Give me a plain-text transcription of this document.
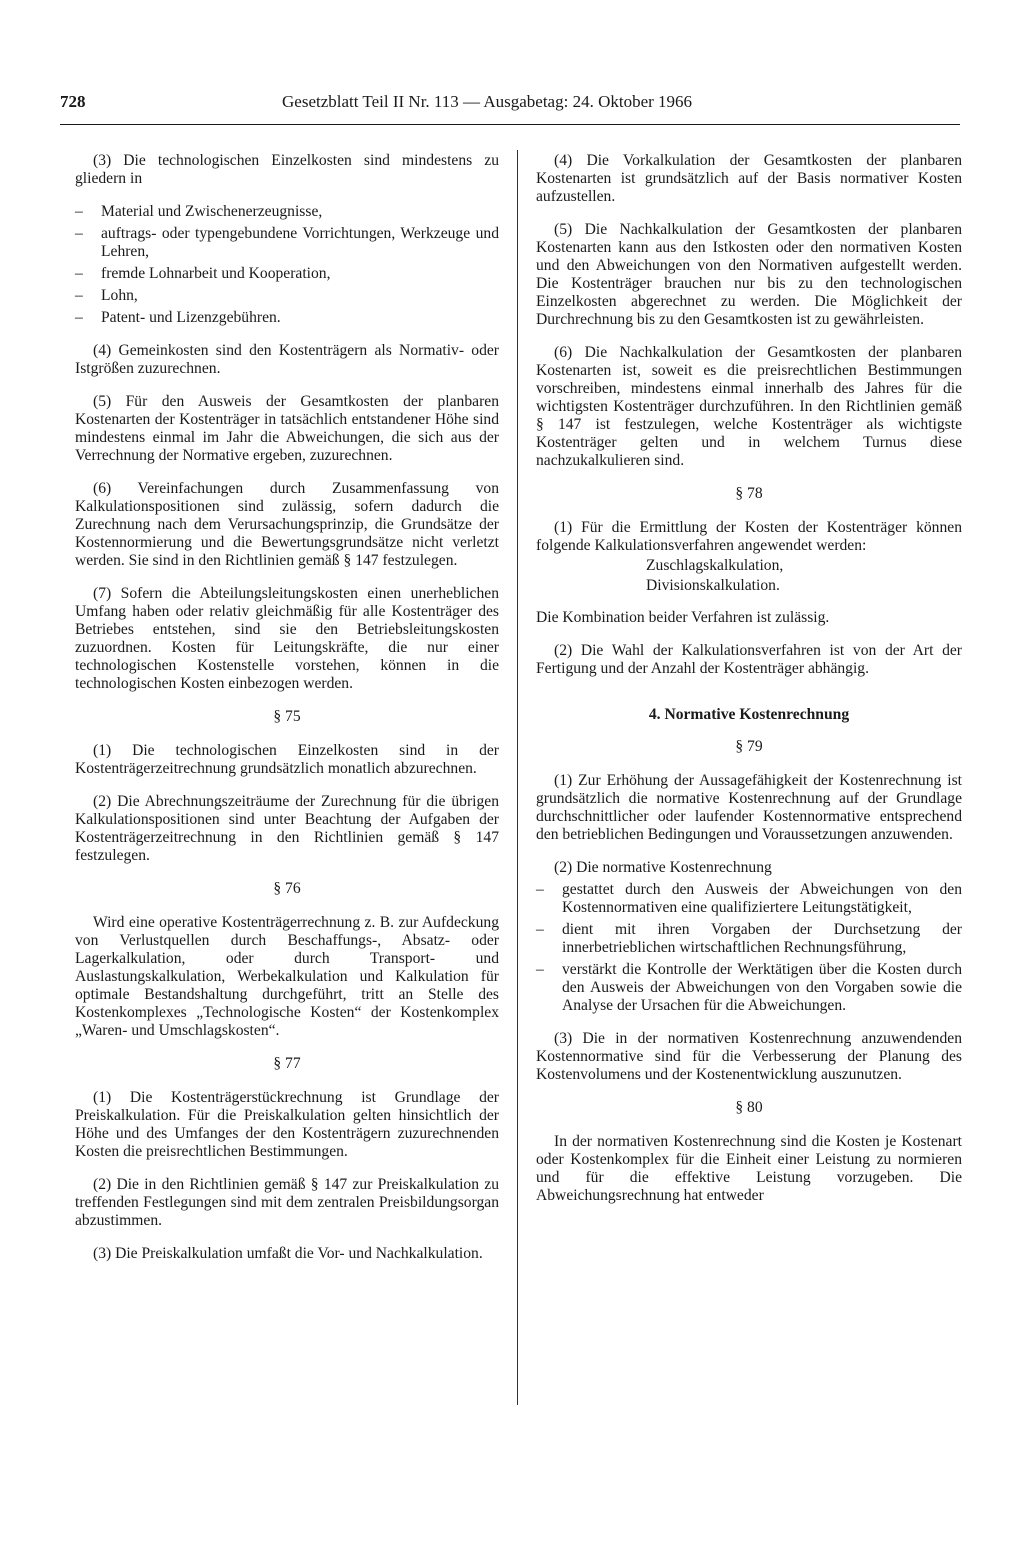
728	Gesetzblatt Teil II Nr. 113 — Ausgabetag: 24. Oktober 1966

(3) Die technologischen Einzelkosten sind mindestens zu gliedern in

– Material und Zwischenerzeugnisse,
– auftrags- oder typengebundene Vorrichtungen, Werkzeuge und Lehren,
– fremde Lohnarbeit und Kooperation,
– Lohn,
– Patent- und Lizenzgebühren.

(4) Gemeinkosten sind den Kostenträgern als Normativ- oder Istgrößen zuzurechnen.

(5) Für den Ausweis der Gesamtkosten der planbaren Kostenarten der Kostenträger in tatsächlich entstandener Höhe sind mindestens einmal im Jahr die Abweichungen, die sich aus der Verrechnung der Normative ergeben, zuzurechnen.

(6) Vereinfachungen durch Zusammenfassung von Kalkulationspositionen sind zulässig, sofern dadurch die Zurechnung nach dem Verursachungsprinzip, die Grundsätze der Kostennormierung und die Bewertungsgrundsätze nicht verletzt werden. Sie sind in den Richtlinien gemäß § 147 festzulegen.

(7) Sofern die Abteilungsleitungskosten einen unerheblichen Umfang haben oder relativ gleichmäßig für alle Kostenträger des Betriebes entstehen, sind sie den Betriebsleitungskosten zuzuordnen. Kosten für Leitungskräfte, die nur einer technologischen Kostenstelle vorstehen, können in die technologischen Kosten einbezogen werden.

§ 75

(1) Die technologischen Einzelkosten sind in der Kostenträgerzeitrechnung grundsätzlich monatlich abzurechnen.

(2) Die Abrechnungszeiträume der Zurechnung für die übrigen Kalkulationspositionen sind unter Beachtung der Aufgaben der Kostenträgerzeitrechnung in den Richtlinien gemäß § 147 festzulegen.

§ 76

Wird eine operative Kostenträgerrechnung z. B. zur Aufdeckung von Verlustquellen durch Beschaffungs-, Absatz- oder Lagerkalkulation, oder durch Transport- und Auslastungskalkulation, Werbekalkulation und Kalkulation für optimale Bestandshaltung durchgeführt, tritt an Stelle des Kostenkomplexes „Technologische Kosten“ der Kostenkomplex „Waren- und Umschlagskosten“.

§ 77

(1) Die Kostenträgerstückrechnung ist Grundlage der Preiskalkulation. Für die Preiskalkulation gelten hinsichtlich der Höhe und des Umfanges der den Kostenträgern zuzurechnenden Kosten die preisrechtlichen Bestimmungen.

(2) Die in den Richtlinien gemäß § 147 zur Preiskalkulation zu treffenden Festlegungen sind mit dem zentralen Preisbildungsorgan abzustimmen.

(3) Die Preiskalkulation umfaßt die Vor- und Nachkalkulation.

(4) Die Vorkalkulation der Gesamtkosten der planbaren Kostenarten ist grundsätzlich auf der Basis normativer Kosten aufzustellen.

(5) Die Nachkalkulation der Gesamtkosten der planbaren Kostenarten kann aus den Istkosten oder den normativen Kosten und den Abweichungen von den Normativen aufgestellt werden. Die Kostenträger brauchen nur bis zu den technologischen Einzelkosten abgerechnet zu werden. Die Möglichkeit der Durchrechnung bis zu den Gesamtkosten ist zu gewährleisten.

(6) Die Nachkalkulation der Gesamtkosten der planbaren Kostenarten ist, soweit es die preisrechtlichen Bestimmungen vorschreiben, mindestens einmal innerhalb des Jahres für die wichtigsten Kostenträger durchzuführen. In den Richtlinien gemäß § 147 ist festzulegen, welche Kostenträger als wichtigste Kostenträger gelten und in welchem Turnus diese nachzukalkulieren sind.

§ 78

(1) Für die Ermittlung der Kosten der Kostenträger können folgende Kalkulationsverfahren angewendet werden:

Zuschlagskalkulation,
Divisionskalkulation.

Die Kombination beider Verfahren ist zulässig.

(2) Die Wahl der Kalkulationsverfahren ist von der Art der Fertigung und der Anzahl der Kostenträger abhängig.

4. Normative Kostenrechnung
§ 79

(1) Zur Erhöhung der Aussagefähigkeit der Kostenrechnung ist grundsätzlich die normative Kostenrechnung auf der Grundlage durchschnittlicher oder laufender Kostennormative entsprechend den betrieblichen Bedingungen und Voraussetzungen anzuwenden.

(2) Die normative Kostenrechnung

– gestattet durch den Ausweis der Abweichungen von den Kostennormativen eine qualifiziertere Leitungstätigkeit,
– dient mit ihren Vorgaben der Durchsetzung der innerbetrieblichen wirtschaftlichen Rechnungsführung,
– verstärkt die Kontrolle der Werktätigen über die Kosten durch den Ausweis der Abweichungen von den Vorgaben sowie die Analyse der Ursachen für die Abweichungen.

(3) Die in der normativen Kostenrechnung anzuwendenden Kostennormative sind für die Verbesserung der Planung des Kostenvolumens und der Kostenentwicklung auszunutzen.

§ 80

In der normativen Kostenrechnung sind die Kosten je Kostenart oder Kostenkomplex für die Einheit einer Leistung zu normieren und für die effektive Leistung vorzugeben. Die Abweichungsrechnung hat entweder
